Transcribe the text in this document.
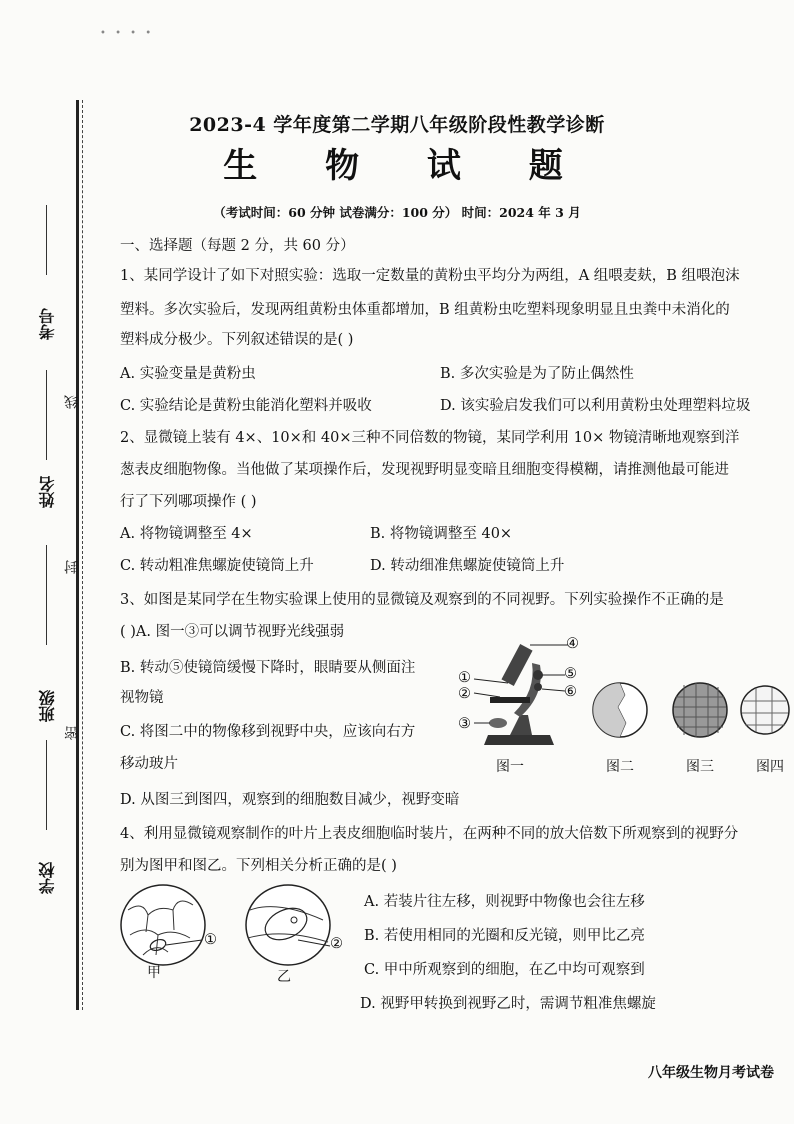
• • • •
考号
姓名
班级
学校
线
封
密
2023-4 学年度第二学期八年级阶段性教学诊断
生 物 试 题
（考试时间：60 分钟 试卷满分：100 分） 时间：2024 年 3 月
一、选择题（每题 2 分，共 60 分）
1、某同学设计了如下对照实验：选取一定数量的黄粉虫平均分为两组，A 组喂麦麸，B 组喂泡沫
塑料。多次实验后，发现两组黄粉虫体重都增加，B 组黄粉虫吃塑料现象明显且虫粪中未消化的
塑料成分极少。下列叙述错误的是( )
A. 实验变量是黄粉虫	B. 多次实验是为了防止偶然性
C. 实验结论是黄粉虫能消化塑料并吸收	D. 该实验启发我们可以利用黄粉虫处理塑料垃圾
2、显微镜上装有 4×、10×和 40×三种不同倍数的物镜，某同学利用 10× 物镜清晰地观察到洋
葱表皮细胞物像。当他做了某项操作后，发现视野明显变暗且细胞变得模糊，请推测他最可能进
行了下列哪项操作 ( )
A. 将物镜调整至 4×	B. 将物镜调整至 40×
C. 转动粗准焦螺旋使镜筒上升	D. 转动细准焦螺旋使镜筒上升
3、如图是某同学在生物实验课上使用的显微镜及观察到的不同视野。下列实验操作不正确的是
( )A. 图一③可以调节视野光线强弱
B. 转动⑤使镜筒缓慢下降时，眼睛要从侧面注
视物镜
C. 将图二中的物像移到视野中央，应该向右方
移动玻片
D. 从图三到图四，观察到的细胞数目减少，视野变暗
④
⑤
⑥
①
②
③
图一	图二	图三	图四
4、利用显微镜观察制作的叶片上表皮细胞临时装片，在两种不同的放大倍数下所观察到的视野分
别为图甲和图乙。下列相关分析正确的是( )
A. 若装片往左移，则视野中物像也会往左移
B. 若使用相同的光圈和反光镜，则甲比乙亮
C. 甲中所观察到的细胞，在乙中均可观察到
D. 视野甲转换到视野乙时，需调节粗准焦螺旋
①	②
甲	乙
八年级生物月考试卷
